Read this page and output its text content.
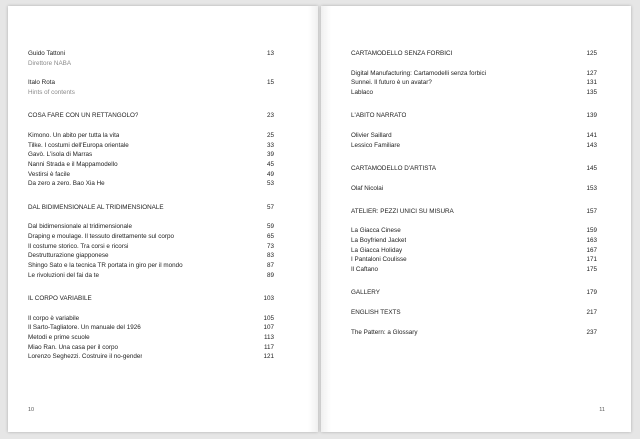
Guido Tattoni	13
Direttore NABA
Italo Rota	15
Hints of contents
COSA FARE CON UN RETTANGOLO?	23
Kimono. Un abito per tutta la vita	25
Tilke. I costumi dell'Europa orientale	33
Gavò. L'isola di Marras	39
Nanni Strada e il Mappamodello	45
Vestirsi è facile	49
Da zero a zero. Bao Xia He	53
DAL BIDIMENSIONALE AL TRIDIMENSIONALE	57
Dal bidimensionale al tridimensionale	59
Draping e moulage. Il tessuto direttamente sul corpo	65
Il costume storico. Tra corsi e ricorsi	73
Destrutturazione giapponese	83
Shingo Sato e la tecnica TR portata in giro per il mondo	87
Le rivoluzioni del fai da te	89
IL CORPO VARIABILE	103
Il corpo è variabile	105
Il Sarto-Tagliatore. Un manuale del 1926	107
Metodi e prime scuole	113
Miao Ran. Una casa per il corpo	117
Lorenzo Seghezzi. Costruire il no-gender	121
10
CARTAMODELLO SENZA FORBICI	125
Digital Manufacturing: Cartamodelli senza forbici	127
Sunnei. Il futuro è un avatar?	131
Lablaco	135
L'ABITO NARRATO	139
Olivier Saillard	141
Lessico Familiare	143
CARTAMODELLO D'ARTISTA	145
Olaf Nicolai	153
ATELIER: PEZZI UNICI SU MISURA	157
La Giacca Cinese	159
La Boyfriend Jacket	163
La Giacca Holiday	167
I Pantaloni Coulisse	171
Il Caftano	175
GALLERY	179
ENGLISH TEXTS	217
The Pattern: a Glossary	237
11
